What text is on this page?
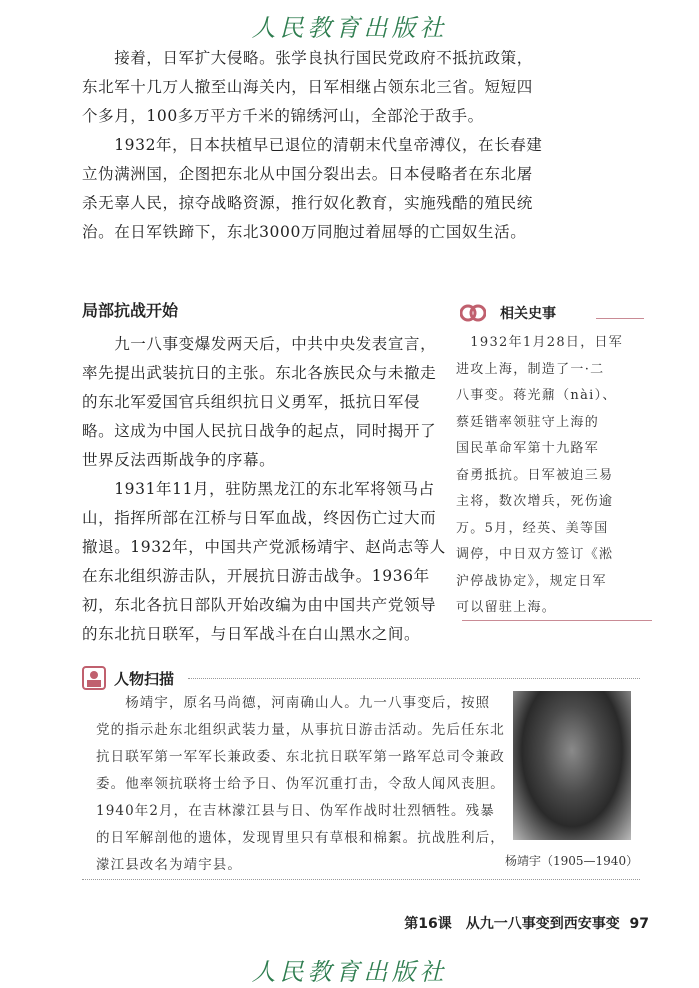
人民教育出版社
　　接着，日军扩大侵略。张学良执行国民党政府不抵抗政策，
东北军十几万人撤至山海关内，日军相继占领东北三省。短短四
个多月，100多万平方千米的锦绣河山，全部沦于敌手。
　　1932年，日本扶植早已退位的清朝末代皇帝溥仪，在长春建
立伪满洲国，企图把东北从中国分裂出去。日本侵略者在东北屠
杀无辜人民，掠夺战略资源，推行奴化教育，实施残酷的殖民统
治。在日军铁蹄下，东北3000万同胞过着屈辱的亡国奴生活。
局部抗战开始
　　九一八事变爆发两天后，中共中央发表宣言，
率先提出武装抗日的主张。东北各族民众与未撤走
的东北军爱国官兵组织抗日义勇军，抵抗日军侵
略。这成为中国人民抗日战争的起点，同时揭开了
世界反法西斯战争的序幕。
　　1931年11月，驻防黑龙江的东北军将领马占
山，指挥所部在江桥与日军血战，终因伤亡过大而
撤退。1932年，中国共产党派杨靖宇、赵尚志等人
在东北组织游击队，开展抗日游击战争。1936年
初，东北各抗日部队开始改编为由中国共产党领导
的东北抗日联军，与日军战斗在白山黑水之间。
相关史事
　1932年1月28日，日军
进攻上海，制造了一·二
八事变。蒋光鼐（nài）、
蔡廷锴率领驻守上海的
国民革命军第十九路军
奋勇抵抗。日军被迫三易
主将，数次增兵，死伤逾
万。5月，经英、美等国
调停，中日双方签订《淞
沪停战协定》，规定日军
可以留驻上海。
人物扫描
　　杨靖宇，原名马尚德，河南确山人。九一八事变后，按照
党的指示赴东北组织武装力量，从事抗日游击活动。先后任东北
抗日联军第一军军长兼政委、东北抗日联军第一路军总司令兼政
委。他率领抗联将士给予日、伪军沉重打击，令敌人闻风丧胆。
1940年2月，在吉林濛江县与日、伪军作战时壮烈牺牲。残暴
的日军解剖他的遗体，发现胃里只有草根和棉絮。抗战胜利后，
濛江县改名为靖宇县。	杨靖宇（1905—1940）
第16课　从九一八事变到西安事变 97
人民教育出版社
